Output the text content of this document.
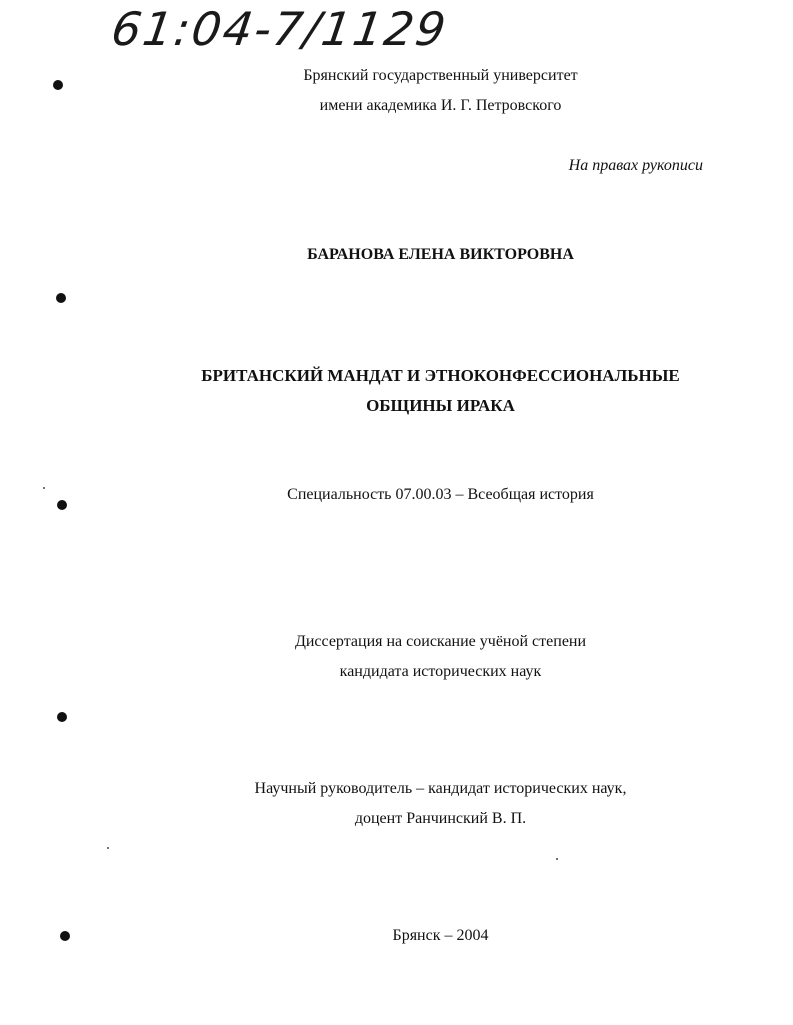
61:04-7/1129
Брянский государственный университет
имени академика И. Г. Петровского
На правах рукописи
БАРАНОВА ЕЛЕНА ВИКТОРОВНА
БРИТАНСКИЙ МАНДАТ И ЭТНОКОНФЕССИОНАЛЬНЫЕ
ОБЩИНЫ ИРАКА
Специальность 07.00.03 – Всеобщая история
Диссертация на соискание учёной степени
кандидата исторических наук
Научный руководитель – кандидат исторических наук,
доцент Ранчинский В. П.
Брянск – 2004
